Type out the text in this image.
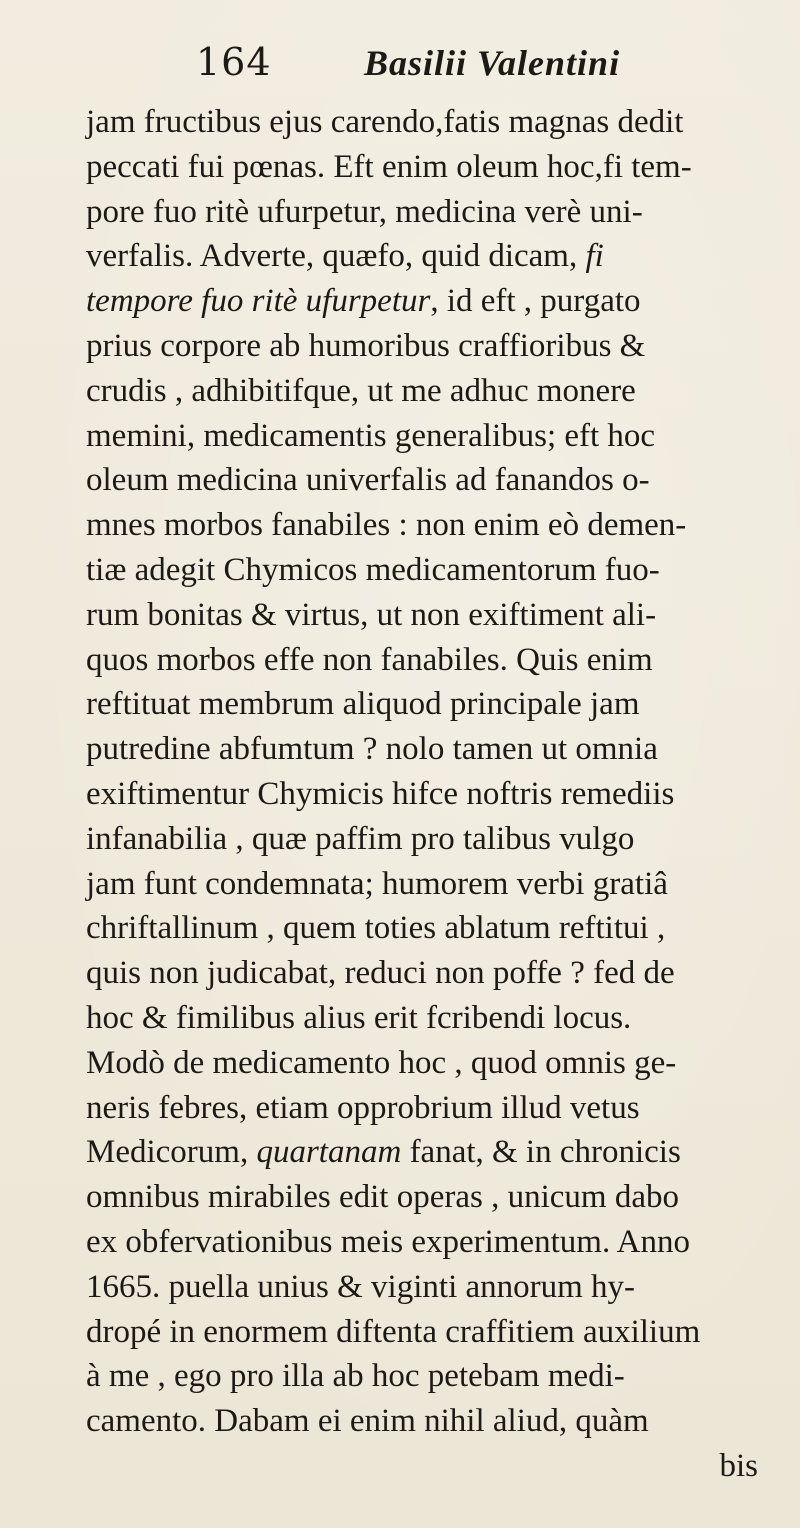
164	Basilii Valentini
jam fructibus ejus carendo,fatis magnas dedit
peccati fui pœnas. Eft enim oleum hoc,fi tem-
pore fuo ritè ufurpetur, medicina verè uni-
verfalis. Adverte, quæfo, quid dicam, fi
tempore fuo ritè ufurpetur, id eft , purgato
prius corpore ab humoribus craffioribus &
crudis , adhibitifque, ut me adhuc monere
memini, medicamentis generalibus; eft hoc
oleum medicina univerfalis ad fanandos o-
mnes morbos fanabiles : non enim eò demen-
tiæ adegit Chymicos medicamentorum fuo-
rum bonitas & virtus, ut non exiftiment ali-
quos morbos effe non fanabiles. Quis enim
reftituat membrum aliquod principale jam
putredine abfumtum ? nolo tamen ut omnia
exiftimentur Chymicis hifce noftris remediis
infanabilia , quæ paffim pro talibus vulgo
jam funt condemnata; humorem verbi gratiâ
chriftallinum , quem toties ablatum reftitui ,
quis non judicabat, reduci non poffe ? fed de
hoc & fimilibus alius erit fcribendi locus.
Modò de medicamento hoc , quod omnis ge-
neris febres, etiam opprobrium illud vetus
Medicorum, quartanam fanat, & in chronicis
omnibus mirabiles edit operas , unicum dabo
ex obfervationibus meis experimentum. Anno
1665. puella unius & viginti annorum hy-
dropé in enormem diftenta craffitiem auxilium
à me , ego pro illa ab hoc petebam medi-
camento. Dabam ei enim nihil aliud, quàm
bis
